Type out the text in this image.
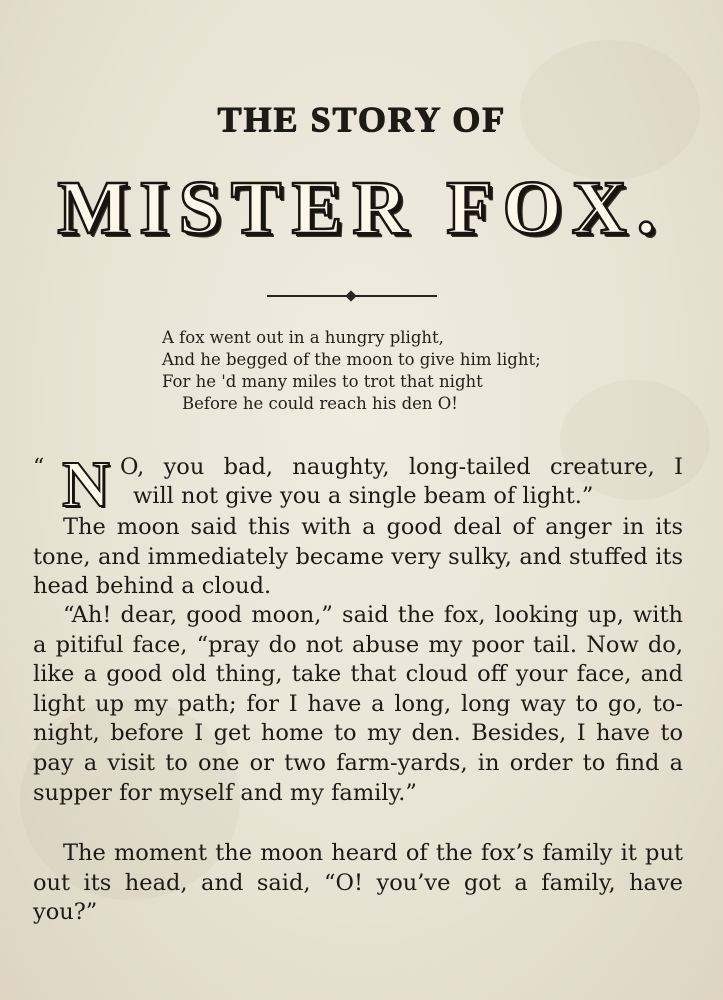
THE STORY OF
MISTER FOX.
A fox went out in a hungry plight,
And he begged of the moon to give him light;
For he 'd many miles to trot that night
Before he could reach his den O!
“ N O, you bad, naughty, long-tailed creature, I
will not give you a single beam of light.”
The moon said this with a good deal of anger in its tone, and immediately became very sulky, and stuffed its head behind a cloud.
“Ah! dear, good moon,” said the fox, looking up, with a pitiful face, “pray do not abuse my poor tail. Now do, like a good old thing, take that cloud off your face, and light up my path; for I have a long, long way to go, to-night, before I get home to my den. Besides, I have to pay a visit to one or two farm-yards, in order to find a supper for myself and my family.”
The moment the moon heard of the fox’s family it put out its head, and said, “O! you’ve got a family, have you?”
